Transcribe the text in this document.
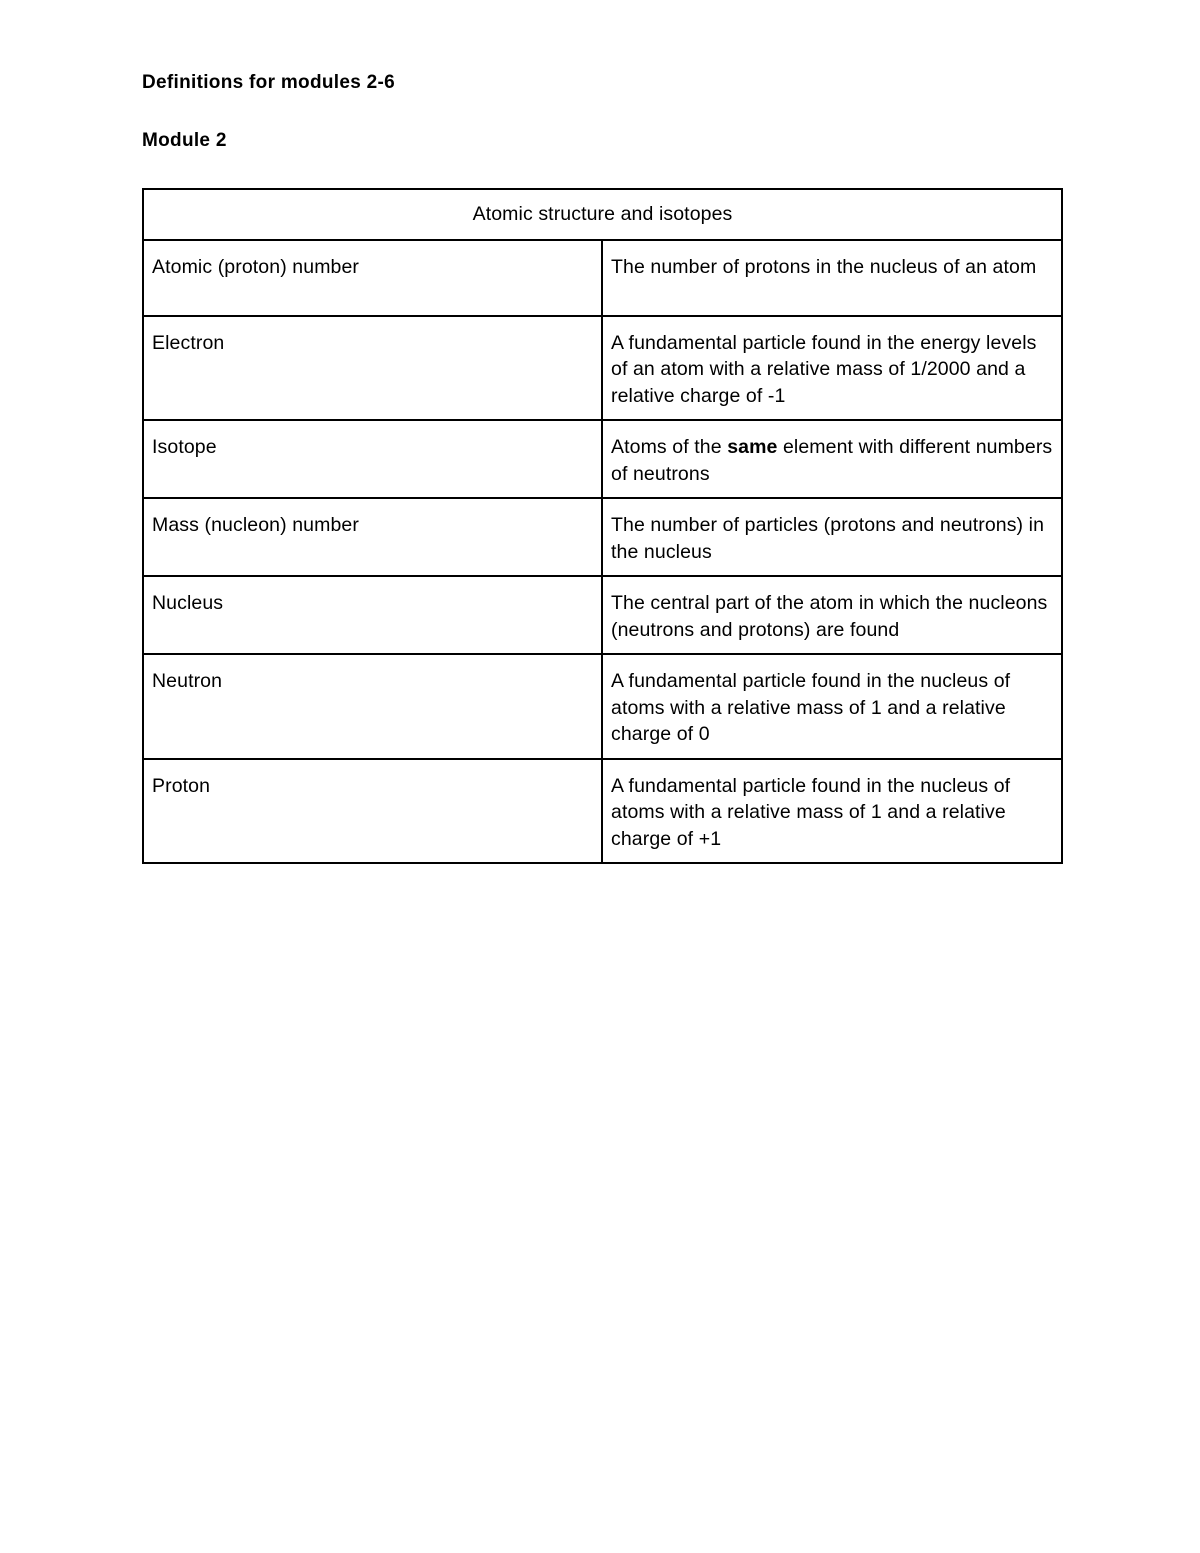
Definitions for modules 2-6
Module 2
Atomic structure and isotopes	
Atomic (proton) number	The number of protons in the nucleus of an atom
Electron	A fundamental particle found in the energy levels of an atom with a relative mass of 1/2000 and a relative charge of -1
Isotope	Atoms of the same element with different numbers of neutrons
Mass (nucleon) number	The number of particles (protons and neutrons) in the nucleus
Nucleus	The central part of the atom in which the nucleons (neutrons and protons) are found
Neutron	A fundamental particle found in the nucleus of atoms with a relative mass of 1 and a relative charge of 0
Proton	A fundamental particle found in the nucleus of atoms with a relative mass of 1 and a relative charge of +1
